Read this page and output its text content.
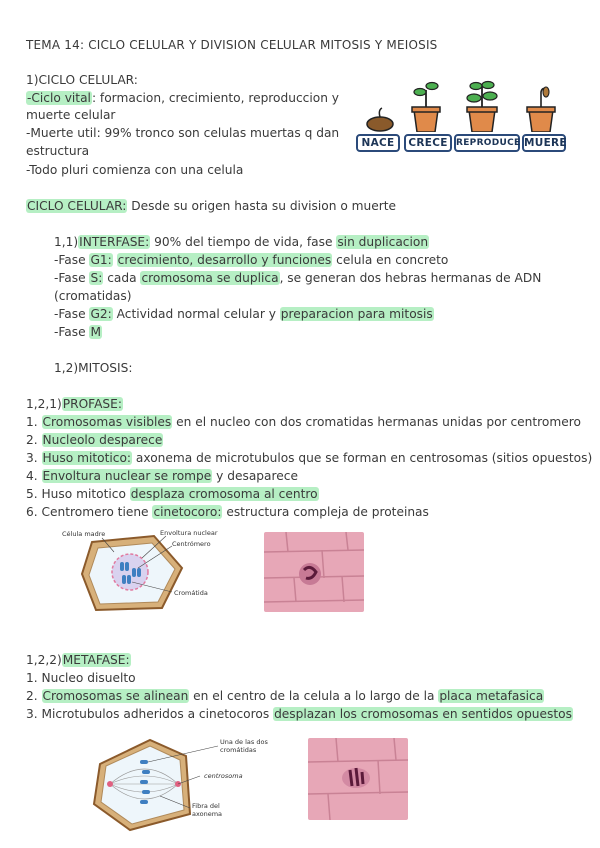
TEMA 14: CICLO CELULAR Y DIVISION CELULAR MITOSIS Y MEIOSIS
1)CICLO CELULAR:
-Ciclo vital: formacion, crecimiento, reproduccion y
muerte celular
-Muerte util: 99% tronco son celulas muertas q dan
estructura
-Todo pluri comienza con una celula
NACE	CRECE REPRODUCE MUERE
CICLO CELULAR: Desde su origen hasta su division o muerte
1,1)INTERFASE: 90% del tiempo de vida, fase sin duplicacion
-Fase G1: crecimiento, desarrollo y funciones celula en concreto
-Fase S: cada cromosoma se duplica, se generan dos hebras hermanas de ADN
(cromatidas)
-Fase G2: Actividad normal celular y preparacion para mitosis
-Fase M
1,2)MITOSIS:
1,2,1)PROFASE:
1. Cromosomas visibles en el nucleo con dos cromatidas hermanas unidas por centromero
2. Nucleolo desparece
3. Huso mitotico: axonema de microtubulos que se forman en centrosomas (sitios opuestos)
4. Envoltura nuclear se rompe y desaparece
5. Huso mitotico desplaza cromosoma al centro
6. Centromero tiene cinetocoro: estructura compleja de proteinas
Célula madre	Envoltura nuclear
Centrómero
Cromátida
1,2,2)METAFASE:
1. Nucleo disuelto
2. Cromosomas se alinean en el centro de la celula a lo largo de la placa metafasica
3. Microtubulos adheridos a cinetocoros desplazan los cromosomas en sentidos opuestos
Una de las dos cromátidas
centrosoma
Fibra del axonema
